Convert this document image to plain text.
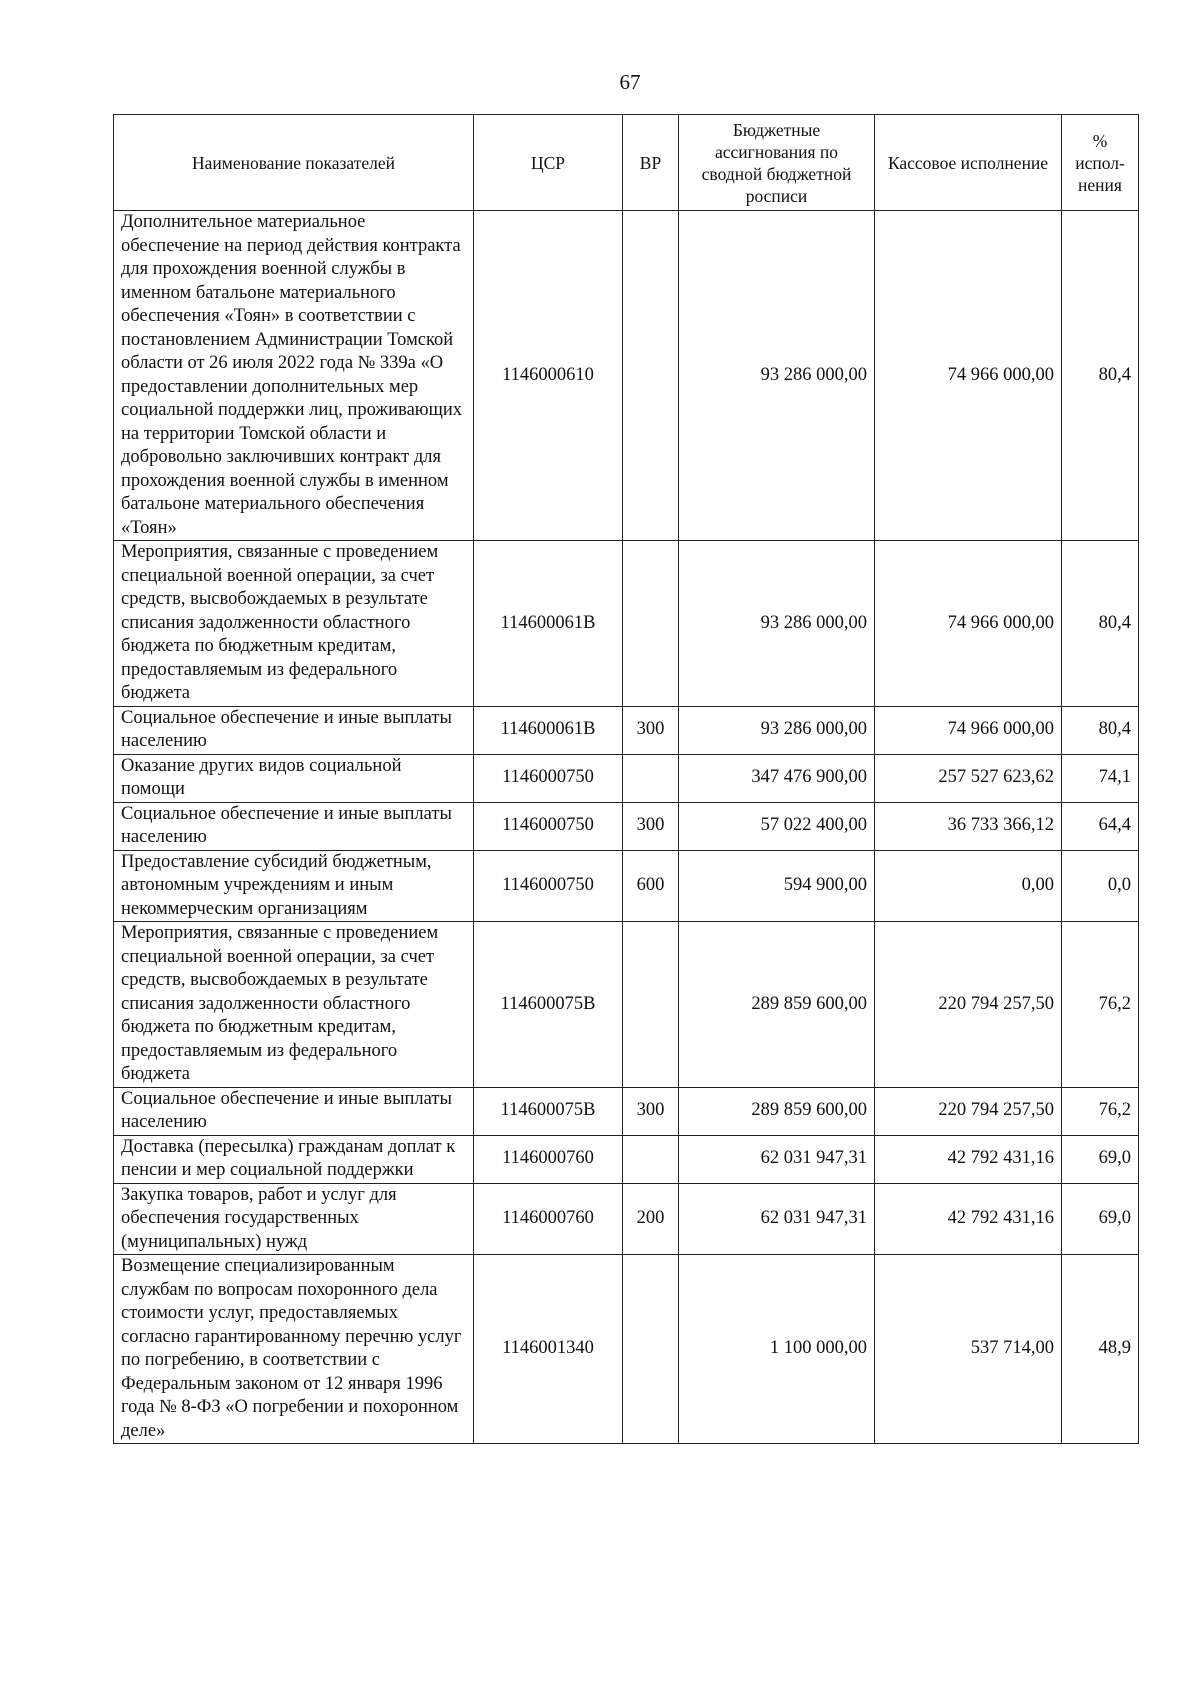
67
Наименование показателей	ЦСР	ВР	Бюджетные ассигнования по сводной бюджетной росписи	Кассовое исполнение	% испол-нения
Дополнительное материальное обеспечение на период действия контракта для прохождения военной службы в именном батальоне материального обеспечения «Тоян» в соответствии с постановлением Администрации Томской области от 26 июля 2022 года № 339а «О предоставлении дополнительных мер социальной поддержки лиц, проживающих на территории Томской области и добровольно заключивших контракт для прохождения военной службы в именном батальоне материального обеспечения «Тоян»	1146000610		93 286 000,00	74 966 000,00	80,4
Мероприятия, связанные с проведением специальной военной операции, за счет средств, высвобождаемых в результате списания задолженности областного бюджета по бюджетным кредитам, предоставляемым из федерального бюджета	114600061В		93 286 000,00	74 966 000,00	80,4
Социальное обеспечение и иные выплаты населению	114600061В	300	93 286 000,00	74 966 000,00	80,4
Оказание других видов социальной помощи	1146000750		347 476 900,00	257 527 623,62	74,1
Социальное обеспечение и иные выплаты населению	1146000750	300	57 022 400,00	36 733 366,12	64,4
Предоставление субсидий бюджетным, автономным учреждениям и иным некоммерческим организациям	1146000750	600	594 900,00	0,00	0,0
Мероприятия, связанные с проведением специальной военной операции, за счет средств, высвобождаемых в результате списания задолженности областного бюджета по бюджетным кредитам, предоставляемым из федерального бюджета	114600075В		289 859 600,00	220 794 257,50	76,2
Социальное обеспечение и иные выплаты населению	114600075В	300	289 859 600,00	220 794 257,50	76,2
Доставка (пересылка) гражданам доплат к пенсии и мер социальной поддержки	1146000760		62 031 947,31	42 792 431,16	69,0
Закупка товаров, работ и услуг для обеспечения государственных (муниципальных) нужд	1146000760	200	62 031 947,31	42 792 431,16	69,0
Возмещение специализированным службам по вопросам похоронного дела стоимости услуг, предоставляемых согласно гарантированному перечню услуг по погребению, в соответствии с Федеральным законом от 12 января 1996 года № 8-ФЗ «О погребении и похоронном деле»	1146001340		1 100 000,00	537 714,00	48,9
